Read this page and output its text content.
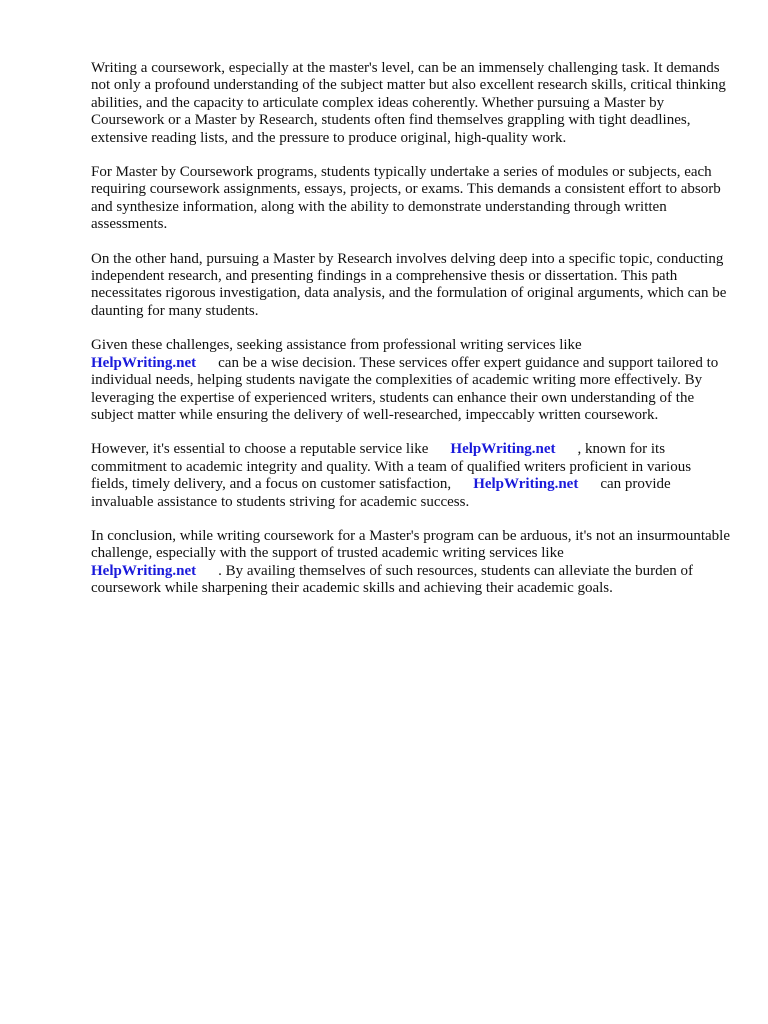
Writing a coursework, especially at the master's level, can be an immensely challenging task. It demands not only a profound understanding of the subject matter but also excellent research skills, critical thinking abilities, and the capacity to articulate complex ideas coherently. Whether pursuing a Master by Coursework or a Master by Research, students often find themselves grappling with tight deadlines, extensive reading lists, and the pressure to produce original, high-quality work.

For Master by Coursework programs, students typically undertake a series of modules or subjects, each requiring coursework assignments, essays, projects, or exams. This demands a consistent effort to absorb and synthesize information, along with the ability to demonstrate understanding through written assessments.

On the other hand, pursuing a Master by Research involves delving deep into a specific topic, conducting independent research, and presenting findings in a comprehensive thesis or dissertation. This path necessitates rigorous investigation, data analysis, and the formulation of original arguments, which can be daunting for many students.

Given these challenges, seeking assistance from professional writing services like
HelpWriting.net can be a wise decision. These services offer expert guidance and support tailored to individual needs, helping students navigate the complexities of academic writing more effectively. By leveraging the expertise of experienced writers, students can enhance their own understanding of the subject matter while ensuring the delivery of well-researched, impeccably written coursework.

However, it's essential to choose a reputable service like HelpWriting.net , known for its commitment to academic integrity and quality. With a team of qualified writers proficient in various fields, timely delivery, and a focus on customer satisfaction, HelpWriting.net can provide invaluable assistance to students striving for academic success.

In conclusion, while writing coursework for a Master's program can be arduous, it's not an insurmountable challenge, especially with the support of trusted academic writing services like
HelpWriting.net . By availing themselves of such resources, students can alleviate the burden of coursework while sharpening their academic skills and achieving their academic goals.
